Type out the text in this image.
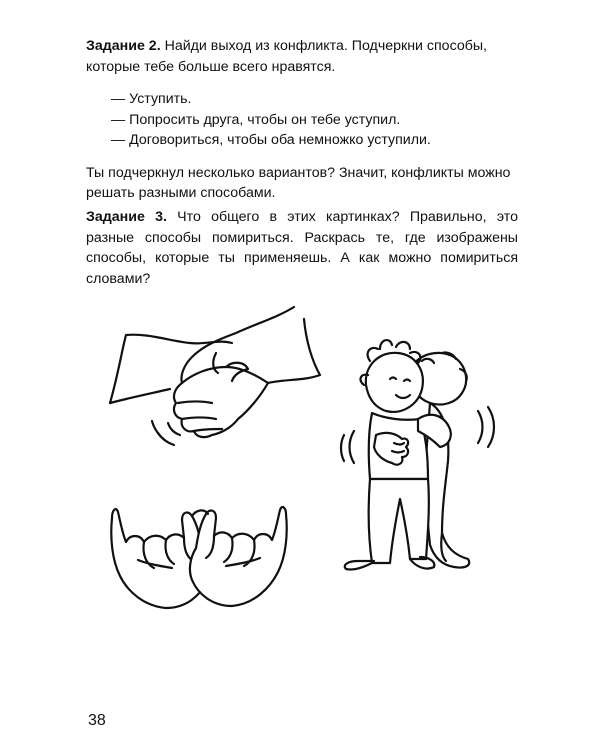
Задание 2. Найди выход из конфликта. Подчеркни способы, которые тебе больше всего нравятся.
— Уступить.
— Попросить друга, чтобы он тебе уступил.
— Договориться, чтобы оба немножко уступили.
Ты подчеркнул несколько вариантов? Значит, конфликты можно решать разными способами.
Задание 3. Что общего в этих картинках? Правильно, это разные способы помириться. Раскрась те, где изображены способы, которые ты применяешь. А как можно помириться словами?
38
